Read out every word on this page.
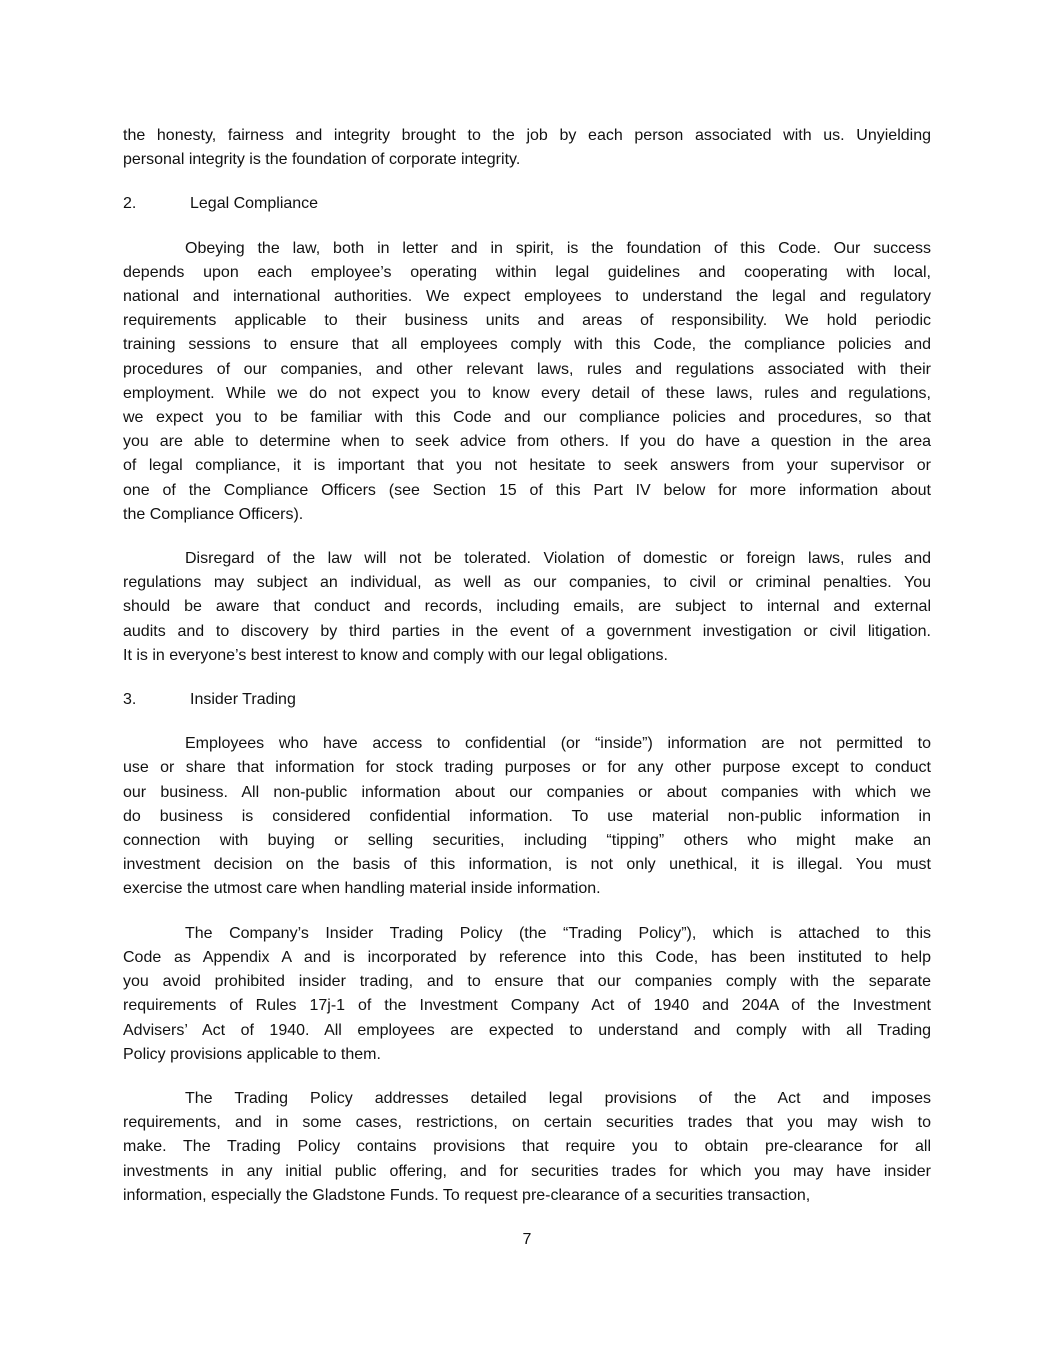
the honesty, fairness and integrity brought to the job by each person associated with us. Unyielding
personal integrity is the foundation of corporate integrity.
2.	Legal Compliance
Obeying the law, both in letter and in spirit, is the foundation of this Code. Our success
depends upon each employee’s operating within legal guidelines and cooperating with local,
national and international authorities. We expect employees to understand the legal and regulatory
requirements applicable to their business units and areas of responsibility. We hold periodic
training sessions to ensure that all employees comply with this Code, the compliance policies and
procedures of our companies, and other relevant laws, rules and regulations associated with their
employment. While we do not expect you to know every detail of these laws, rules and regulations,
we expect you to be familiar with this Code and our compliance policies and procedures, so that
you are able to determine when to seek advice from others. If you do have a question in the area
of legal compliance, it is important that you not hesitate to seek answers from your supervisor or
one of the Compliance Officers (see Section 15 of this Part IV below for more information about
the Compliance Officers).
Disregard of the law will not be tolerated. Violation of domestic or foreign laws, rules and
regulations may subject an individual, as well as our companies, to civil or criminal penalties. You
should be aware that conduct and records, including emails, are subject to internal and external
audits and to discovery by third parties in the event of a government investigation or civil litigation.
It is in everyone’s best interest to know and comply with our legal obligations.
3.	Insider Trading
Employees who have access to confidential (or “inside”) information are not permitted to
use or share that information for stock trading purposes or for any other purpose except to conduct
our business. All non-public information about our companies or about companies with which we
do business is considered confidential information. To use material non-public information in
connection with buying or selling securities, including “tipping” others who might make an
investment decision on the basis of this information, is not only unethical, it is illegal. You must
exercise the utmost care when handling material inside information.
The Company’s Insider Trading Policy (the “Trading Policy”), which is attached to this
Code as Appendix A and is incorporated by reference into this Code, has been instituted to help
you avoid prohibited insider trading, and to ensure that our companies comply with the separate
requirements of Rules 17j-1 of the Investment Company Act of 1940 and 204A of the Investment
Advisers’ Act of 1940. All employees are expected to understand and comply with all Trading
Policy provisions applicable to them.
The Trading Policy addresses detailed legal provisions of the Act and imposes
requirements, and in some cases, restrictions, on certain securities trades that you may wish to
make. The Trading Policy contains provisions that require you to obtain pre-clearance for all
investments in any initial public offering, and for securities trades for which you may have insider
information, especially the Gladstone Funds. To request pre-clearance of a securities transaction,
7
